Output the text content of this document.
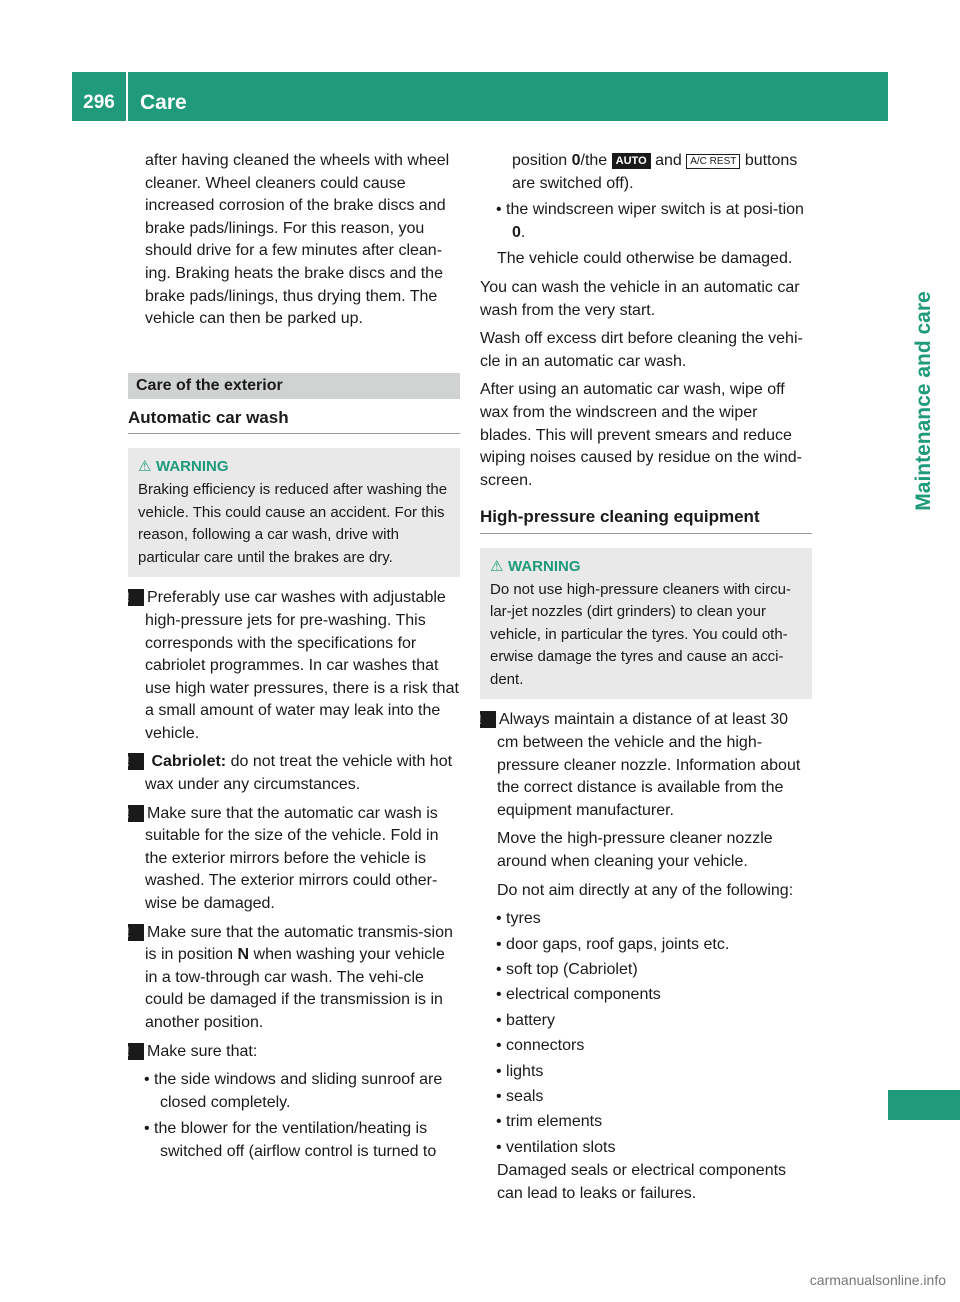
296	Care
Maintenance and care

after having cleaned the wheels with wheel cleaner. Wheel cleaners could cause increased corrosion of the brake discs and brake pads/linings. For this reason, you should drive for a few minutes after clean-ing. Braking heats the brake discs and the brake pads/linings, thus drying them. The vehicle can then be parked up.

Care of the exterior
Automatic car wash
⚠ WARNING

Braking efficiency is reduced after washing the vehicle. This could cause an accident. For this reason, following a car wash, drive with particular care until the brakes are dry.

! Preferably use car washes with adjustable high-pressure jets for pre-washing. This corresponds with the specifications for cabriolet programmes. In car washes that use high water pressures, there is a risk that a small amount of water may leak into the vehicle.

! Cabriolet: do not treat the vehicle with hot wax under any circumstances.

! Make sure that the automatic car wash is suitable for the size of the vehicle. Fold in the exterior mirrors before the vehicle is washed. The exterior mirrors could other-wise be damaged.

! Make sure that the automatic transmis-sion is in position N when washing your vehicle in a tow-through car wash. The vehi-cle could be damaged if the transmission is in another position.

! Make sure that:

• the side windows and sliding sunroof are closed completely.

• the blower for the ventilation/heating is switched off (airflow control is turned to

position 0/the AUTO and A/C REST buttons are switched off).

• the windscreen wiper switch is at posi-tion 0.

The vehicle could otherwise be damaged.

You can wash the vehicle in an automatic car wash from the very start.

Wash off excess dirt before cleaning the vehi-cle in an automatic car wash.

After using an automatic car wash, wipe off wax from the windscreen and the wiper blades. This will prevent smears and reduce wiping noises caused by residue on the wind-screen.

High-pressure cleaning equipment
⚠ WARNING

Do not use high-pressure cleaners with circu-lar-jet nozzles (dirt grinders) to clean your vehicle, in particular the tyres. You could oth-erwise damage the tyres and cause an acci-dent.

! Always maintain a distance of at least 30 cm between the vehicle and the high-pressure cleaner nozzle. Information about the correct distance is available from the equipment manufacturer.

Move the high-pressure cleaner nozzle around when cleaning your vehicle.

Do not aim directly at any of the following:

• tyres

• door gaps, roof gaps, joints etc.

• soft top (Cabriolet)

• electrical components

• battery

• connectors

• lights

• seals

• trim elements

• ventilation slots

Damaged seals or electrical components can lead to leaks or failures.

carmanualsonline.info
